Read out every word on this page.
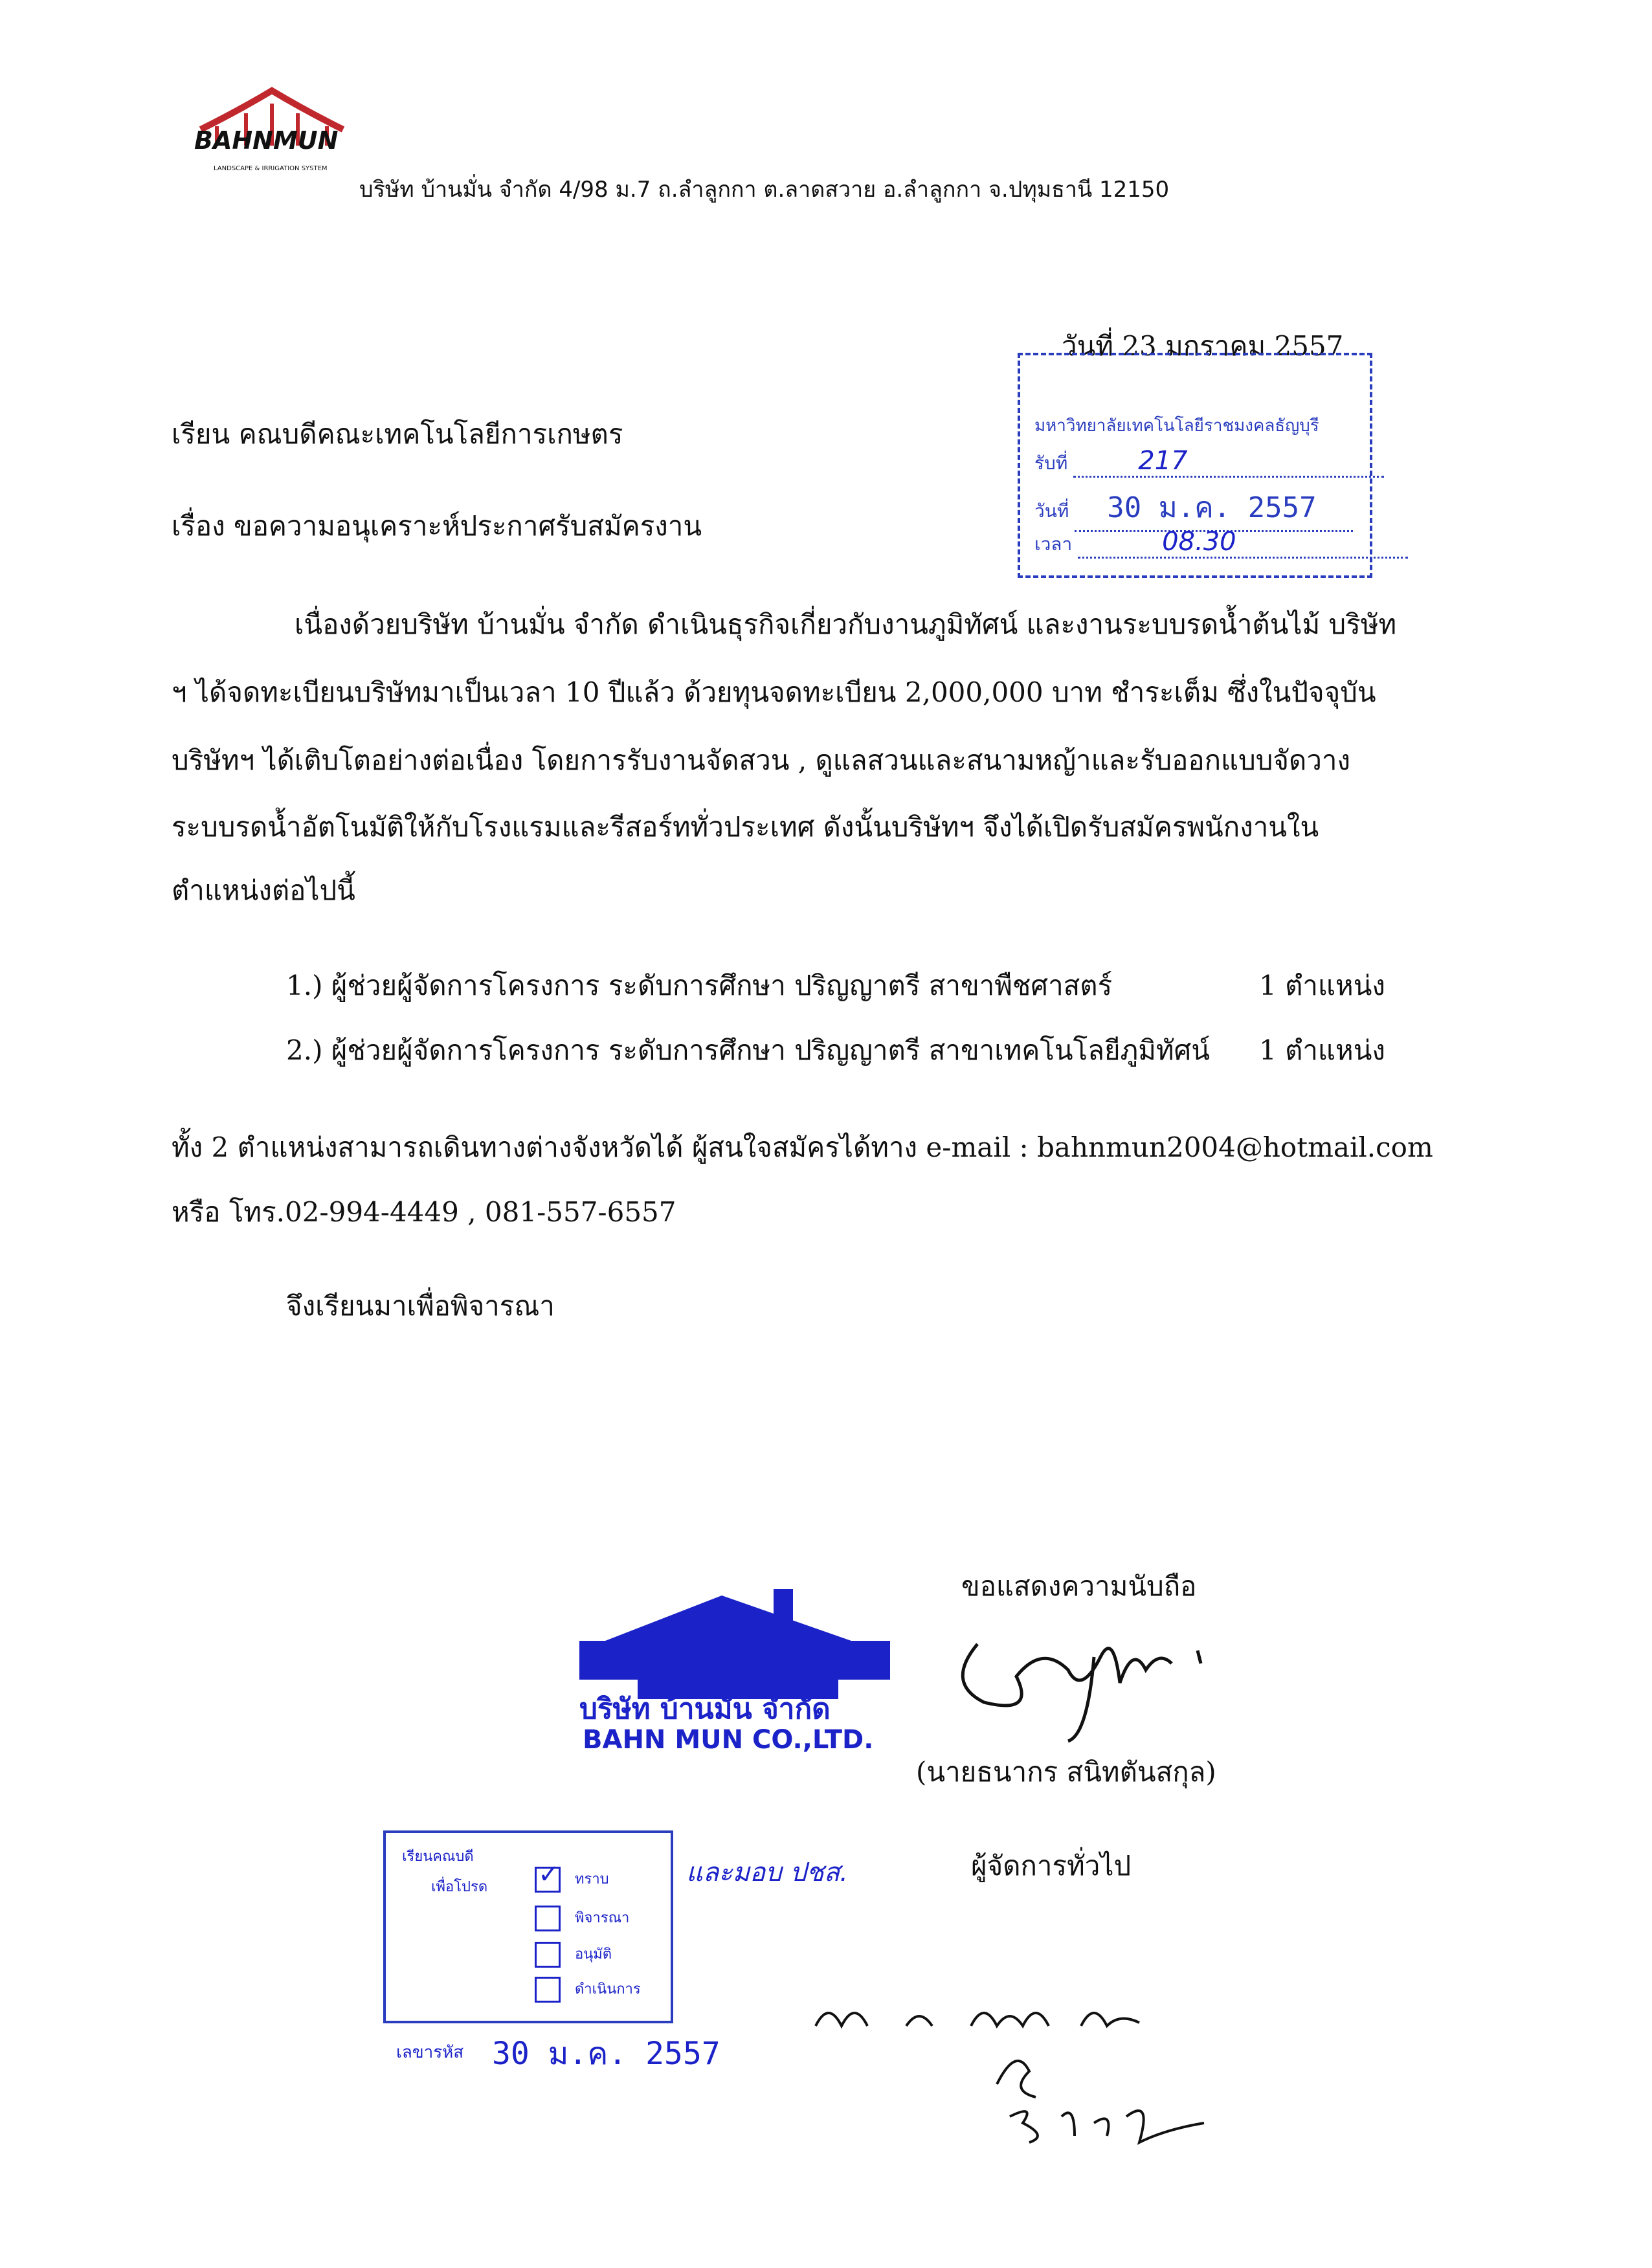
BAHNMUN
LANDSCAPE & IRRIGATION SYSTEM
บริษัท บ้านมั่น จำกัด 4/98 ม.7 ถ.ลำลูกกา ต.ลาดสวาย อ.ลำลูกกา จ.ปทุมธานี 12150
วันที่ 23 มกราคม 2557
มหาวิทยาลัยเทคโนโลยีราชมงคลธัญบุรี
รับที่	217
วันที่ 30 ม.ค. 2557
เวลา	08.30
เรียน คณบดีคณะเทคโนโลยีการเกษตร
เรื่อง ขอความอนุเคราะห์ประกาศรับสมัครงาน
เนื่องด้วยบริษัท บ้านมั่น จำกัด ดำเนินธุรกิจเกี่ยวกับงานภูมิทัศน์ และงานระบบรดน้ำต้นไม้ บริษัท
ฯ ได้จดทะเบียนบริษัทมาเป็นเวลา 10 ปีแล้ว ด้วยทุนจดทะเบียน 2,000,000 บาท ชำระเต็ม ซึ่งในปัจจุบัน
บริษัทฯ ได้เติบโตอย่างต่อเนื่อง โดยการรับงานจัดสวน , ดูแลสวนและสนามหญ้าและรับออกแบบจัดวาง
ระบบรดน้ำอัตโนมัติให้กับโรงแรมและรีสอร์ททั่วประเทศ ดังนั้นบริษัทฯ จึงได้เปิดรับสมัครพนักงานใน
ตำแหน่งต่อไปนี้
1.) ผู้ช่วยผู้จัดการโครงการ ระดับการศึกษา ปริญญาตรี สาขาพืชศาสตร์	1 ตำแหน่ง
2.) ผู้ช่วยผู้จัดการโครงการ ระดับการศึกษา ปริญญาตรี สาขาเทคโนโลยีภูมิทัศน์ 1 ตำแหน่ง
ทั้ง 2 ตำแหน่งสามารถเดินทางต่างจังหวัดได้ ผู้สนใจสมัครได้ทาง e-mail : bahnmun2004@hotmail.com
หรือ โทร.02-994-4449 , 081-557-6557
จึงเรียนมาเพื่อพิจารณา
บริษัท บ้านมั่น จำกัด
BAHN MUN CO.,LTD.
ขอแสดงความนับถือ
(นายธนากร สนิทตันสกุล)
ผู้จัดการทั่วไป
เรียนคณบดี
เพื่อโปรด ✓ ทราบ
พิจารณา
อนุมัติ
ดำเนินการ
เลขารหัส 30 ม.ค. 2557
และมอบ ปชส.
